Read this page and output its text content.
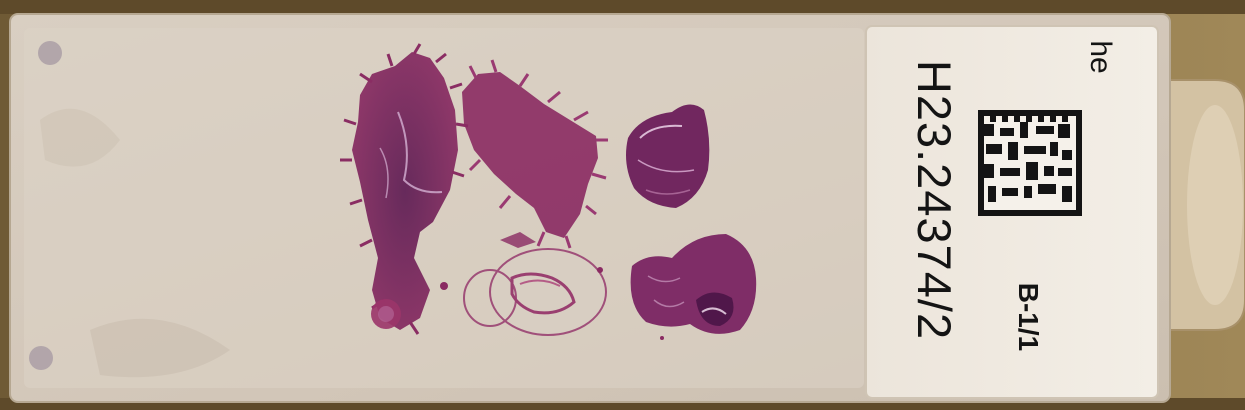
he
H23.24374/2 B-1/1
